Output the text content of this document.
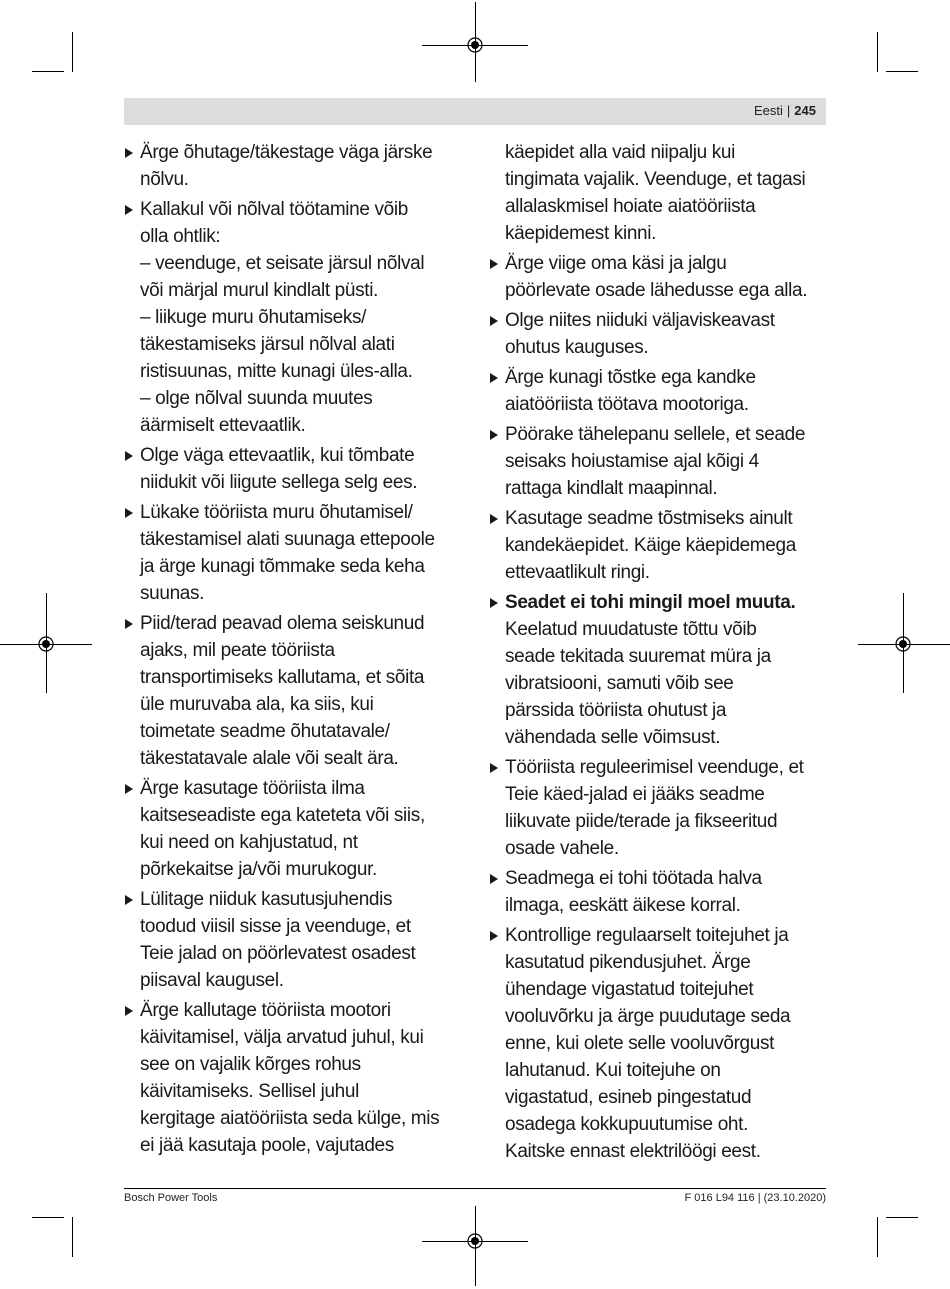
Eesti | 245
Ärge õhutage/täkestage väga järske
nõlvu.
Kallakul või nõlval töötamine võib
olla ohtlik:
– veenduge, et seisate järsul nõlval
või märjal murul kindlalt püsti.
– liikuge muru õhutamiseks/
täkestamiseks järsul nõlval alati
ristisuunas, mitte kunagi üles-alla.
– olge nõlval suunda muutes
äärmiselt ettevaatlik.
Olge väga ettevaatlik, kui tõmbate
niidukit või liigute sellega selg ees.
Lükake tööriista muru õhutamisel/
täkestamisel alati suunaga ettepoole
ja ärge kunagi tõmmake seda keha
suunas.
Piid/terad peavad olema seiskunud
ajaks, mil peate tööriista
transportimiseks kallutama, et sõita
üle muruvaba ala, ka siis, kui
toimetate seadme õhutatavale/
täkestatavale alale või sealt ära.
Ärge kasutage tööriista ilma
kaitseseadiste ega kateteta või siis,
kui need on kahjustatud, nt
põrkekaitse ja/või murukogur.
Lülitage niiduk kasutusjuhendis
toodud viisil sisse ja veenduge, et
Teie jalad on pöörlevatest osadest
piisaval kaugusel.
Ärge kallutage tööriista mootori
käivitamisel, välja arvatud juhul, kui
see on vajalik kõrges rohus
käivitamiseks. Sellisel juhul
kergitage aiatööriista seda külge, mis
ei jää kasutaja poole, vajutades
käepidet alla vaid niipalju kui
tingimata vajalik. Veenduge, et tagasi
allalaskmisel hoiate aiatööriista
käepidemest kinni.
Ärge viige oma käsi ja jalgu
pöörlevate osade lähedusse ega alla.
Olge niites niiduki väljaviskeavast
ohutus kauguses.
Ärge kunagi tõstke ega kandke
aiatööriista töötava mootoriga.
Pöörake tähelepanu sellele, et seade
seisaks hoiustamise ajal kõigi 4
rattaga kindlalt maapinnal.
Kasutage seadme tõstmiseks ainult
kandekäepidet. Käige käepidemega
ettevaatlikult ringi.
Seadet ei tohi mingil moel muuta.
Keelatud muudatuste tõttu võib
seade tekitada suuremat müra ja
vibratsiooni, samuti võib see
pärssida tööriista ohutust ja
vähendada selle võimsust.
Tööriista reguleerimisel veenduge, et
Teie käed-jalad ei jääks seadme
liikuvate piide/terade ja fikseeritud
osade vahele.
Seadmega ei tohi töötada halva
ilmaga, eeskätt äikese korral.
Kontrollige regulaarselt toitejuhet ja
kasutatud pikendusjuhet. Ärge
ühendage vigastatud toitejuhet
vooluvõrku ja ärge puudutage seda
enne, kui olete selle vooluvõrgust
lahutanud. Kui toitejuhe on
vigastatud, esineb pingestatud
osadega kokkupuutumise oht.
Kaitske ennast elektrilöögi eest.
Bosch Power Tools	F 016 L94 116 | (23.10.2020)
